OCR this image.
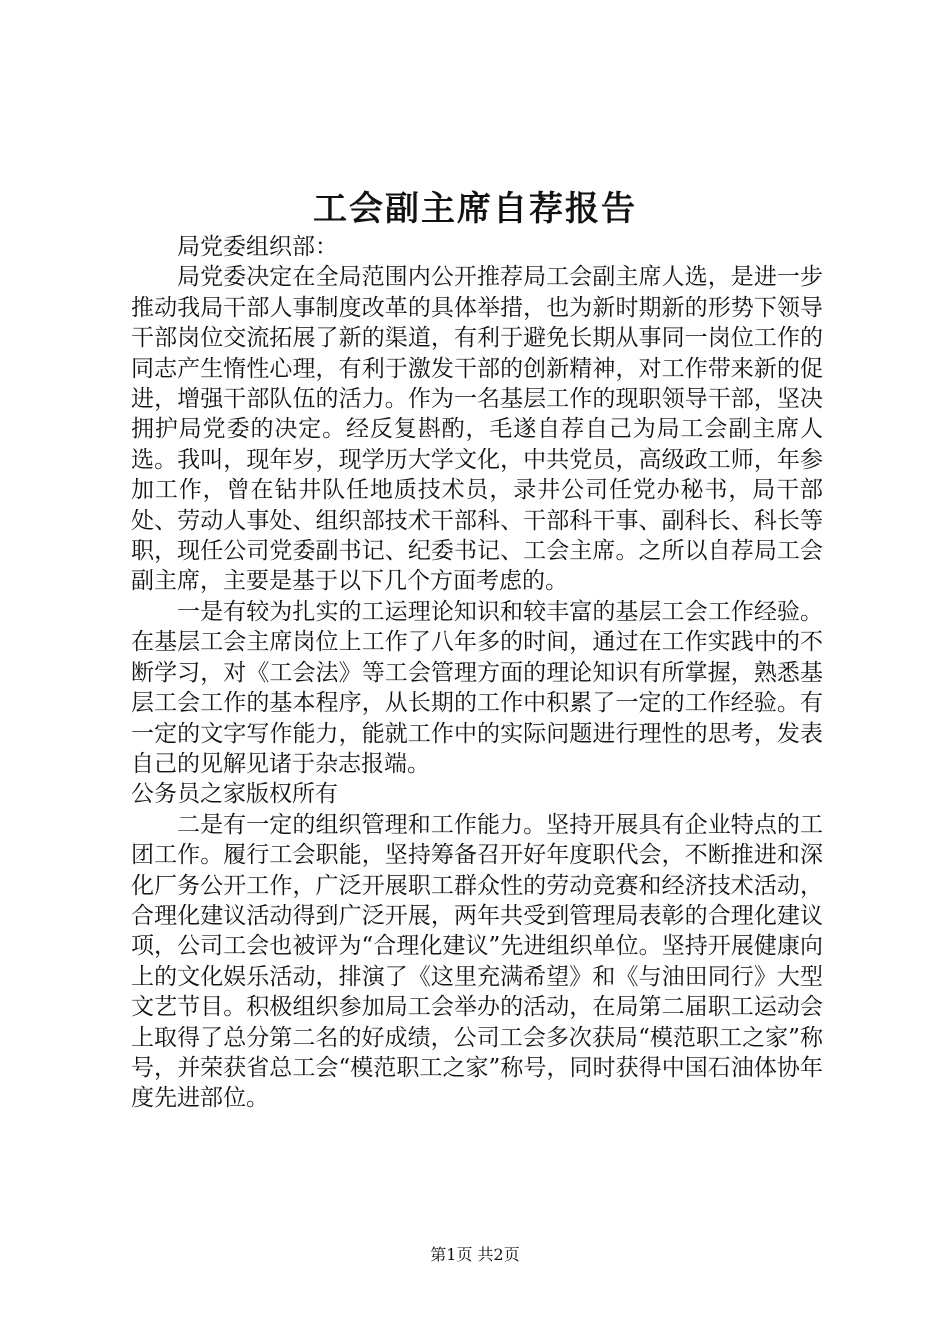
工会副主席自荐报告

局党委组织部：

局党委决定在全局范围内公开推荐局工会副主席人选，是进一步推动我局干部人事制度改革的具体举措，也为新时期新的形势下领导干部岗位交流拓展了新的渠道，有利于避免长期从事同一岗位工作的同志产生惰性心理，有利于激发干部的创新精神，对工作带来新的促进，增强干部队伍的活力。作为一名基层工作的现职领导干部，坚决拥护局党委的决定。经反复斟酌，毛遂自荐自己为局工会副主席人选。我叫，现年岁，现学历大学文化，中共党员，高级政工师，年参加工作，曾在钻井队任地质技术员，录井公司任党办秘书，局干部处、劳动人事处、组织部技术干部科、干部科干事、副科长、科长等职，现任公司党委副书记、纪委书记、工会主席。之所以自荐局工会副主席，主要是基于以下几个方面考虑的。

一是有较为扎实的工运理论知识和较丰富的基层工会工作经验。在基层工会主席岗位上工作了八年多的时间，通过在工作实践中的不断学习，对《工会法》等工会管理方面的理论知识有所掌握，熟悉基层工会工作的基本程序，从长期的工作中积累了一定的工作经验。有一定的文字写作能力，能就工作中的实际问题进行理性的思考，发表自己的见解见诸于杂志报端。

公务员之家版权所有

二是有一定的组织管理和工作能力。坚持开展具有企业特点的工团工作。履行工会职能，坚持筹备召开好年度职代会，不断推进和深化厂务公开工作，广泛开展职工群众性的劳动竞赛和经济技术活动，合理化建议活动得到广泛开展，两年共受到管理局表彰的合理化建议项，公司工会也被评为“合理化建议”先进组织单位。坚持开展健康向上的文化娱乐活动，排演了《这里充满希望》和《与油田同行》大型文艺节目。积极组织参加局工会举办的活动，在局第二届职工运动会上取得了总分第二名的好成绩，公司工会多次获局“模范职工之家”称号，并荣获省总工会“模范职工之家”称号，同时获得中国石油体协年度先进部位。

第1页 共2页
